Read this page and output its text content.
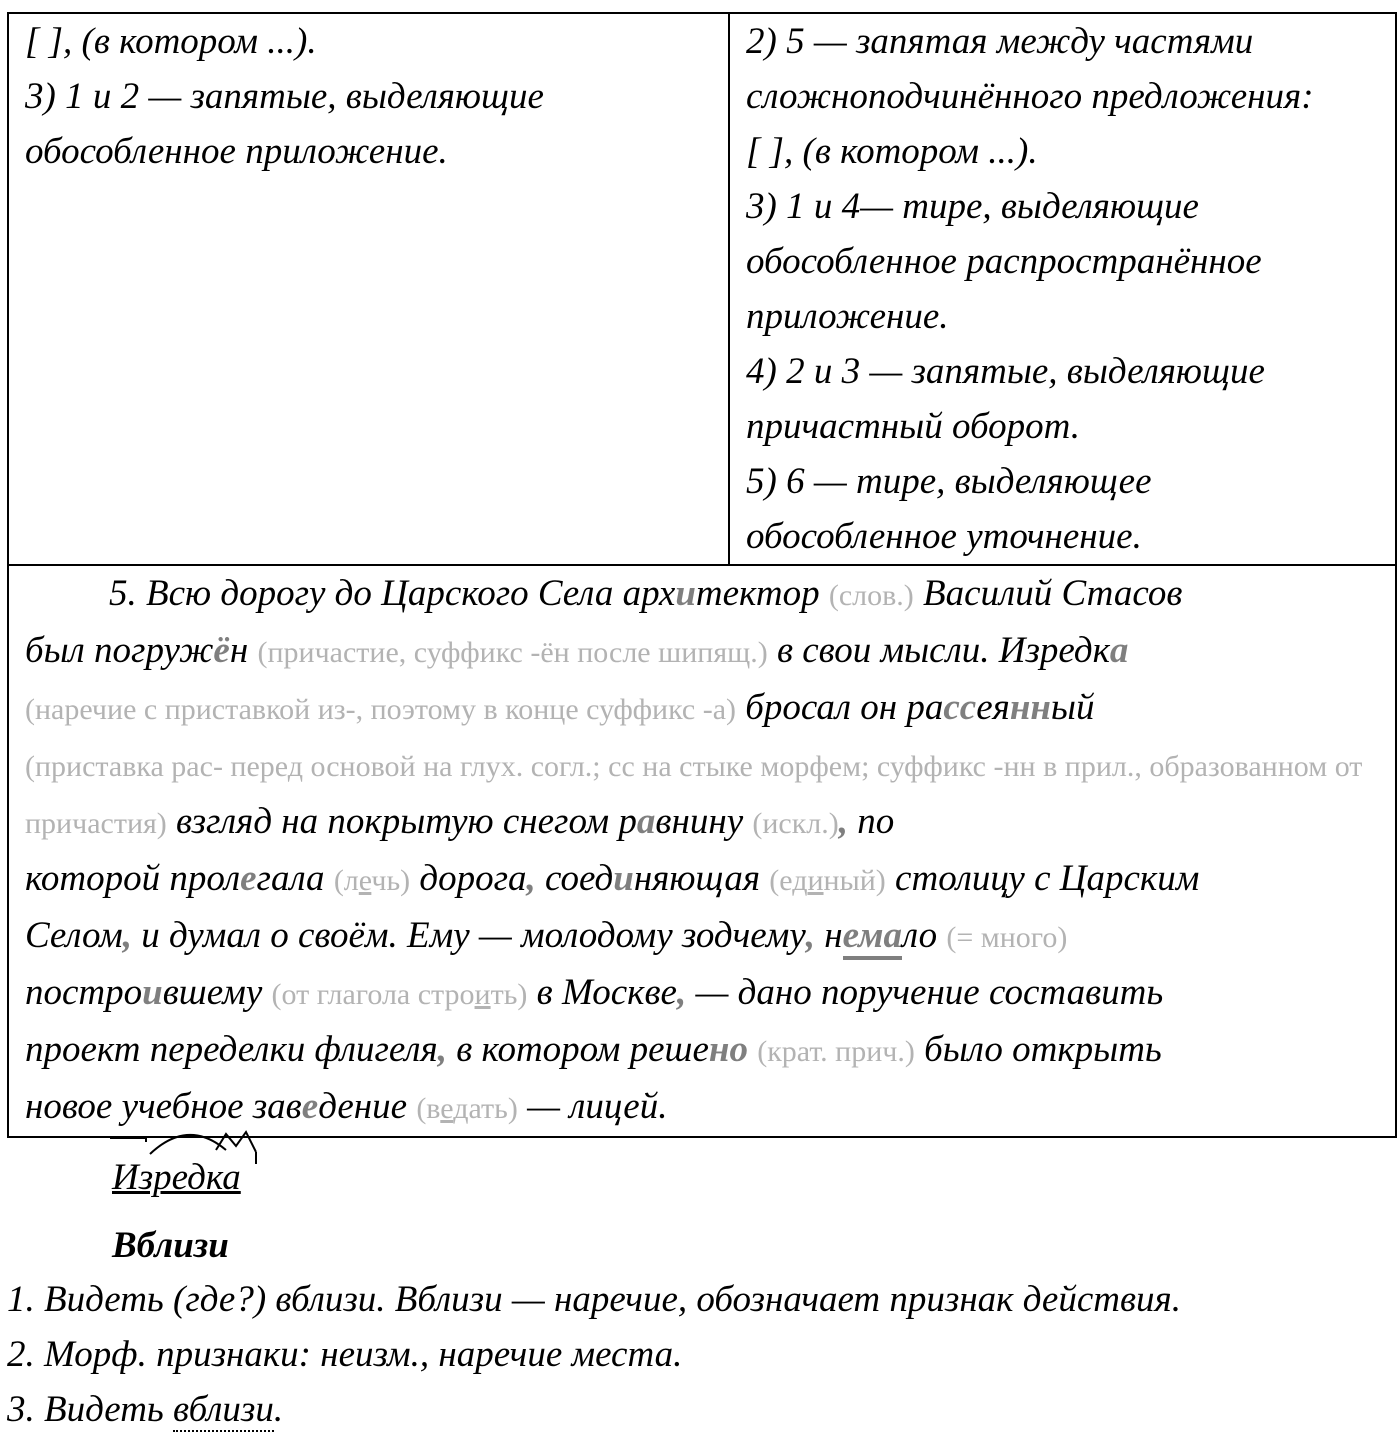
[ ], (в котором ...).
3) 1 и 2 — запятые, выделяющие
обособленное приложение.

2) 5 — запятая между частями
сложноподчинённого предложения:
[ ], (в котором ...).
3) 1 и 4— тире, выделяющие
обособленное распространённое
приложение.
4) 2 и 3 — запятые, выделяющие
причастный оборот.
5) 6 — тире, выделяющее
обособленное уточнение.

5. Всю дорогу до Царского Села архитектор (слов.) Василий Стасов
был погружён (причастие, суффикс -ён после шипящ.) в свои мысли. Изредка
(наречие с приставкой из-, поэтому в конце суффикс -а) бросал он рассеянный
(приставка рас- перед основой на глух. согл.; сс на стыке морфем; суффикс -нн в прил., образованном от причастия) взгляд на покрытую снегом равнину (искл.), по
которой пролегала (лечь) дорога, соединяющая (единый) столицу с Царским
Селом, и думал о своём. Ему — молодому зодчему, немало (= много)
построившему (от глагола строить) в Москве, — дано поручение составить
проект переделки флигеля, в котором решено (крат. прич.) было открыть
новое учебное заведение (ведать) — лицей.
Изредка
Вблизи
1. Видеть (где?) вблизи. Вблизи — наречие, обозначает признак действия.
2. Морф. признаки: неизм., наречие места.
3. Видеть вблизи.
